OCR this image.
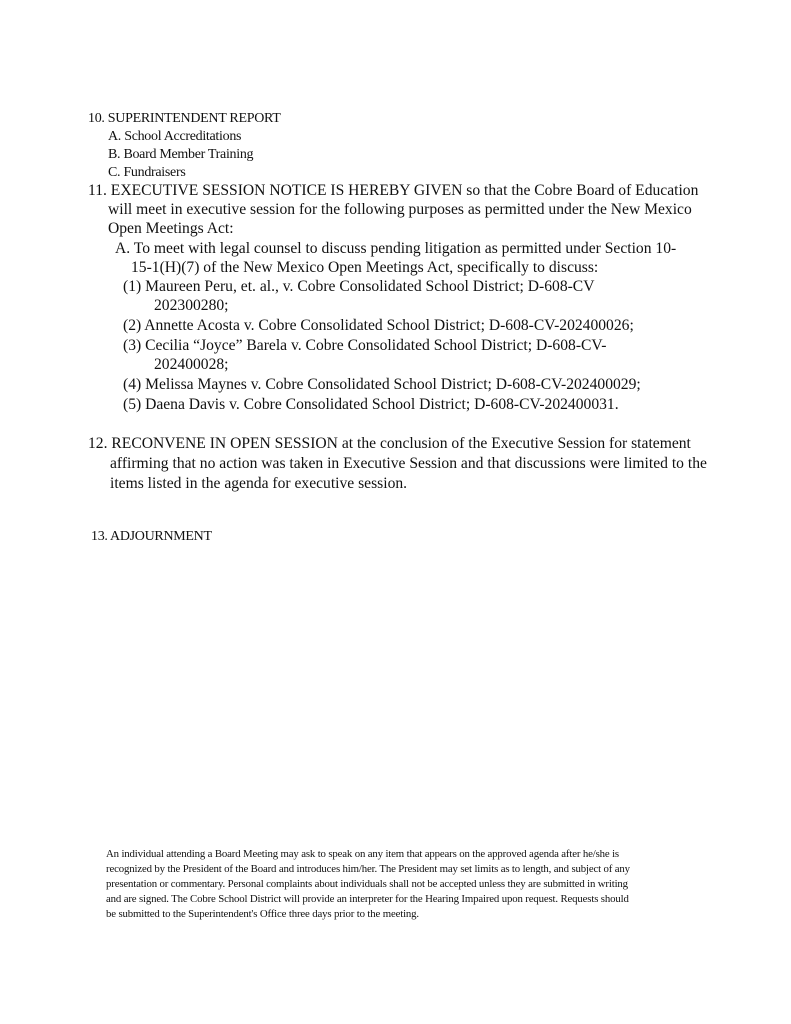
10. SUPERINTENDENT REPORT
A. School Accreditations
B. Board Member Training
C. Fundraisers
11. EXECUTIVE SESSION NOTICE IS HEREBY GIVEN so that the Cobre Board of Education
will meet in executive session for the following purposes as permitted under the New Mexico
Open Meetings Act:
A. To meet with legal counsel to discuss pending litigation as permitted under Section 10-
15-1(H)(7) of the New Mexico Open Meetings Act, specifically to discuss:
(1) Maureen Peru, et. al., v. Cobre Consolidated School District; D-608-CV
202300280;
(2) Annette Acosta v. Cobre Consolidated School District; D-608-CV-202400026;
(3) Cecilia “Joyce” Barela v. Cobre Consolidated School District; D-608-CV-
202400028;
(4) Melissa Maynes v. Cobre Consolidated School District; D-608-CV-202400029;
(5) Daena Davis v. Cobre Consolidated School District; D-608-CV-202400031.
12. RECONVENE IN OPEN SESSION at the conclusion of the Executive Session for statement
affirming that no action was taken in Executive Session and that discussions were limited to the
items listed in the agenda for executive session.
13. ADJOURNMENT
An individual attending a Board Meeting may ask to speak on any item that appears on the approved agenda after he/she is
recognized by the President of the Board and introduces him/her. The President may set limits as to length, and subject of any
presentation or commentary. Personal complaints about individuals shall not be accepted unless they are submitted in writing
and are signed. The Cobre School District will provide an interpreter for the Hearing Impaired upon request. Requests should
be submitted to the Superintendent's Office three days prior to the meeting.
